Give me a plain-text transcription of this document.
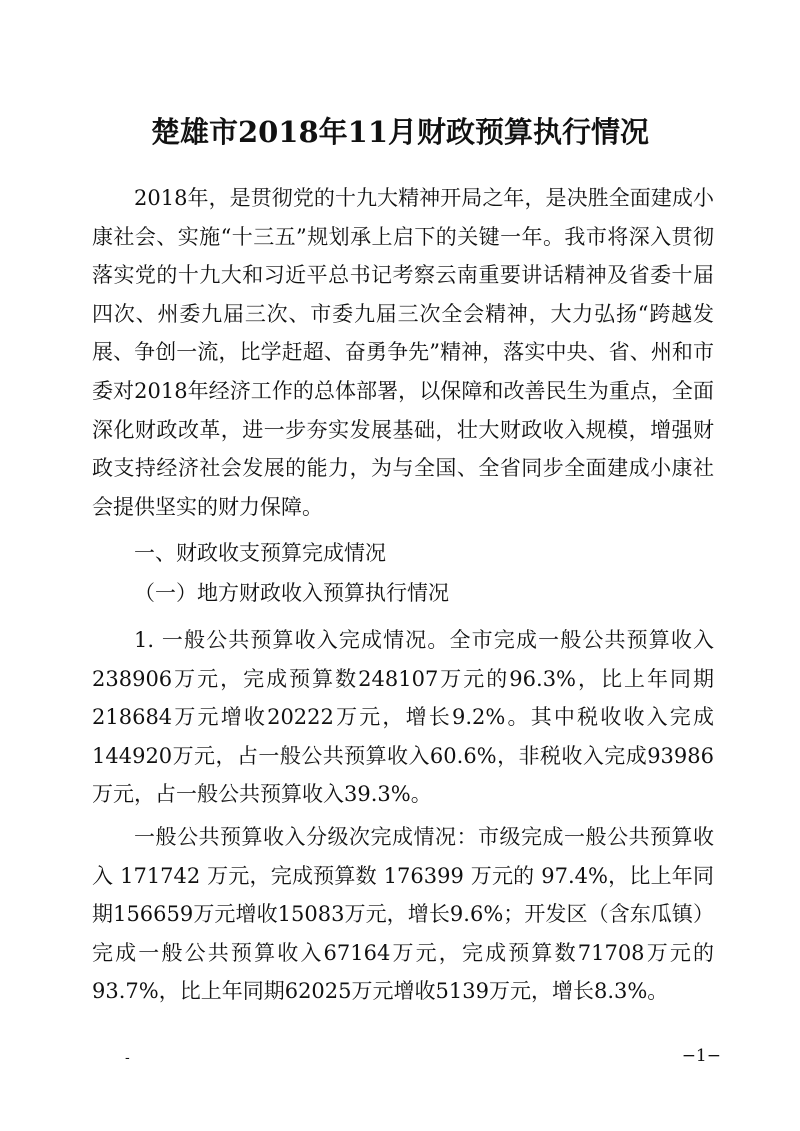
楚雄市2018年11月财政预算执行情况

2018年，是贯彻党的十九大精神开局之年，是决胜全面建成小康社会、实施“十三五”规划承上启下的关键一年。我市将深入贯彻落实党的十九大和习近平总书记考察云南重要讲话精神及省委十届四次、州委九届三次、市委九届三次全会精神，大力弘扬“跨越发展、争创一流，比学赶超、奋勇争先”精神，落实中央、省、州和市委对2018年经济工作的总体部署，以保障和改善民生为重点，全面深化财政改革，进一步夯实发展基础，壮大财政收入规模，增强财政支持经济社会发展的能力，为与全国、全省同步全面建成小康社会提供坚实的财力保障。

一、财政收支预算完成情况

（一）地方财政收入预算执行情况

1. 一般公共预算收入完成情况。全市完成一般公共预算收入238906万元，完成预算数248107万元的96.3%，比上年同期218684万元增收20222万元，增长9.2%。其中税收收入完成144920万元，占一般公共预算收入60.6%，非税收入完成93986万元，占一般公共预算收入39.3%。

一般公共预算收入分级次完成情况：市级完成一般公共预算收入 171742 万元，完成预算数 176399 万元的 97.4%，比上年同期156659万元增收15083万元，增长9.6%；开发区（含东瓜镇）完成一般公共预算收入67164万元，完成预算数71708万元的93.7%，比上年同期62025万元增收5139万元，增长8.3%。

-	−1−
